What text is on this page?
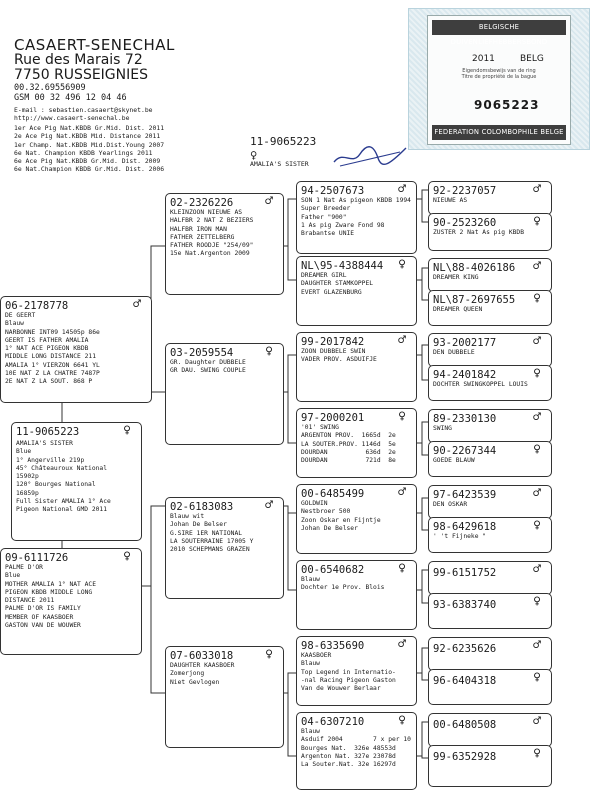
CASAERT-SENECHAL
Rue des Marais 72
7750 RUSSEIGNIES
00.32.69556909
GSM 00 32 496 12 04 46
E-mail : sebastien.casaert@skynet.be
http://www.casaert-senechal.be
1er Ace Pig Nat.KBDB Gr.Mid. Dist. 2011
2e Ace Pig Nat.KBDB Mid. Distance 2011
1er Champ. Nat.KBDB Mid.Dist.Young 2007
6e Nat. Champion KBDB Yearlings 2011
6e Ace Pig Nat.KBDB Gr.Mid. Dist. 2009
6e Nat.Champion KBDB Gr.Mid. Dist. 2006
BELGISCHE DUIVENLIEFHEBBERSBOND
2011	BELG
Eigendomsbewijs van de ring
Titre de propriété de la bague
9065223
FEDERATION COLOMBOPHILE BELGE
11-9065223
♀
AMALIA'S SISTER
11-9065223	♀
AMALIA'S SISTER
Blue
1° Angerville 219p
45° Châteauroux National
15902p
120° Bourges National
16859p
Full Sister AMALIA 1° Ace
Pigeon National GMD 2011
06-2178778	♂
DE GEERT
Blauw
NARBONNE INT09 14505p 86e
GEERT IS FATHER AMALIA
1° NAT ACE PIGEON KBDB
MIDDLE LONG DISTANCE 211
AMALIA 1° VIERZON 6641 YL
10E NAT Z LA CHATRE 7487P
2E NAT Z LA SOUT. 868 P
09-6111726	♀
PALME D'OR
Blue
MOTHER AMALIA 1° NAT ACE
PIGEON KBDB MIDDLE LONG
DISTANCE 2011
PALME D'OR IS FAMILY
MEMBER OF KAASBOER
GASTON VAN DE WOUWER
02-2326226 ♂
KLEINZOON NIEUWE AS
HALFBR 2 NAT Z BEZIERS
HALFBR IRON MAN
FATHER ZETTELBERG
FATHER ROODJE "254/09"
15e Nat.Argenton 2009
03-2059554 ♀
GR. Daughter DUBBELE
GR DAU. SWING COUPLE
02-6183083 ♂
Blauw wit
Johan De Belser
G.SIRE 1ER NATIONAL
LA SOUTERRAINE 17005 Y
2010 SCHEPMANS GRAZEN
07-6033018 ♀
DAUGHTER KAASBOER
Zomerjong
Niet Gevlogen
94-2507673	♂
SON 1 Nat As pigeon KBDB 1994
Super Breeder
Father "900"
1 As pig Zware Fond 98
Brabantse UNIE
NL\95-4388444 ♀
DREAMER GIRL
DAUGHTER STAMKOPPEL
EVERT GLAZENBURG
99-2017842	♂
ZOON DUBBELE SWIN
VADER PROV. ASDUIFJE
97-2000201	♀
'01' SWING
ARGENTON PROV.  1665d  2e
LA SOUTER.PROV. 1146d  5e
DOURDAN          636d  2e
DOURDAN          721d  8e
00-6485499	♂
GOLDWIN
Nestbroer 500
Zoon Oskar en Fijntje
Johan De Belser
00-6540682	♀
Blauw
Dochter 1e Prov. Blois
98-6335690	♂
KAASBOER
Blauw
Top Legend in Internatio-
-nal Racing Pigeon Gaston
Van de Wouwer Berlaar
04-6307210	♀
Blauw
Asduif 2004        7 x per 10
Bourges Nat.  326e 48553d
Argenton Nat. 327e 23078d
La Souter.Nat. 32e 16297d
92-2237057	♂
NIEUWE AS
90-2523260	♀
ZUSTER 2 Nat As pig KBDB
NL\88-4026186 ♂
DREAMER KING
NL\87-2697655 ♀
DREAMER QUEEN
93-2002177	♂
DEN DUBBELE
94-2401842	♀
DOCHTER SWINGKOPPEL LOUIS
89-2330130	♂
SWING
90-2267344	♀
GOEDE BLAUW
97-6423539	♂
DEN OSKAR
98-6429618	♀
' 't Fijneke "
99-6151752	♂
93-6383740	♀
92-6235626	♂
96-6404318	♀
00-6480508	♂
99-6352928	♀
